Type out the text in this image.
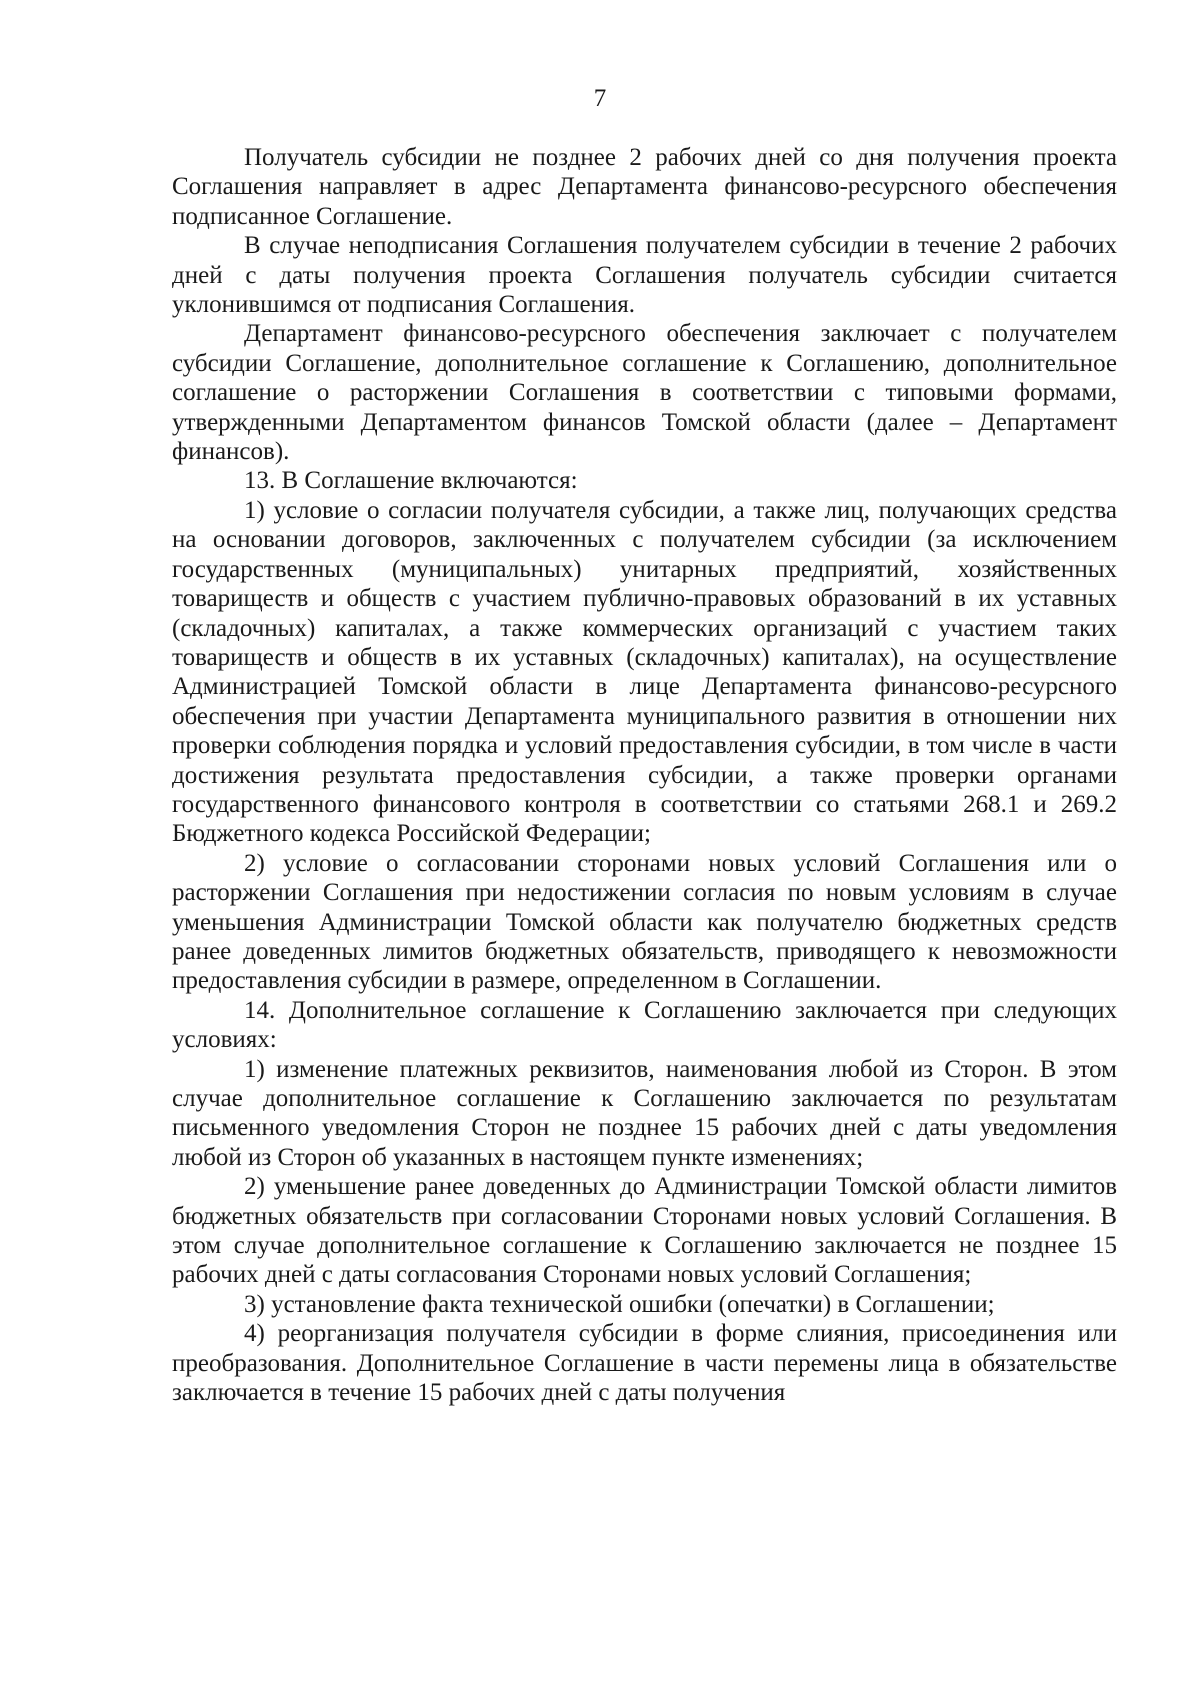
7

Получатель субсидии не позднее 2 рабочих дней со дня получения проекта Соглашения направляет в адрес Департамента финансово-ресурсного обеспечения подписанное Соглашение.

В случае неподписания Соглашения получателем субсидии в течение 2 рабочих дней с даты получения проекта Соглашения получатель субсидии считается уклонившимся от подписания Соглашения.

Департамент финансово-ресурсного обеспечения заключает с получателем субсидии Соглашение, дополнительное соглашение к Соглашению, дополнительное соглашение о расторжении Соглашения в соответствии с типовыми формами, утвержденными Департаментом финансов Томской области (далее – Департамент финансов).

13. В Соглашение включаются:

1) условие о согласии получателя субсидии, а также лиц, получающих средства на основании договоров, заключенных с получателем субсидии (за исключением государственных (муниципальных) унитарных предприятий, хозяйственных товариществ и обществ с участием публично-правовых образований в их уставных (складочных) капиталах, а также коммерческих организаций с участием таких товариществ и обществ в их уставных (складочных) капиталах), на осуществление Администрацией Томской области в лице Департамента финансово-ресурсного обеспечения при участии Департамента муниципального развития в отношении них проверки соблюдения порядка и условий предоставления субсидии, в том числе в части достижения результата предоставления субсидии, а также проверки органами государственного финансового контроля в соответствии со статьями 268.1 и 269.2 Бюджетного кодекса Российской Федерации;

2) условие о согласовании сторонами новых условий Соглашения или о расторжении Соглашения при недостижении согласия по новым условиям в случае уменьшения Администрации Томской области как получателю бюджетных средств ранее доведенных лимитов бюджетных обязательств, приводящего к невозможности предоставления субсидии в размере, определенном в Соглашении.

14. Дополнительное соглашение к Соглашению заключается при следующих условиях:

1) изменение платежных реквизитов, наименования любой из Сторон. В этом случае дополнительное соглашение к Соглашению заключается по результатам письменного уведомления Сторон не позднее 15 рабочих дней с даты уведомления любой из Сторон об указанных в настоящем пункте изменениях;

2) уменьшение ранее доведенных до Администрации Томской области лимитов бюджетных обязательств при согласовании Сторонами новых условий Соглашения. В этом случае дополнительное соглашение к Соглашению заключается не позднее 15 рабочих дней с даты согласования Сторонами новых условий Соглашения;

3) установление факта технической ошибки (опечатки) в Соглашении;

4) реорганизация получателя субсидии в форме слияния, присоединения или преобразования. Дополнительное Соглашение в части перемены лица в обязательстве заключается в течение 15 рабочих дней с даты получения
